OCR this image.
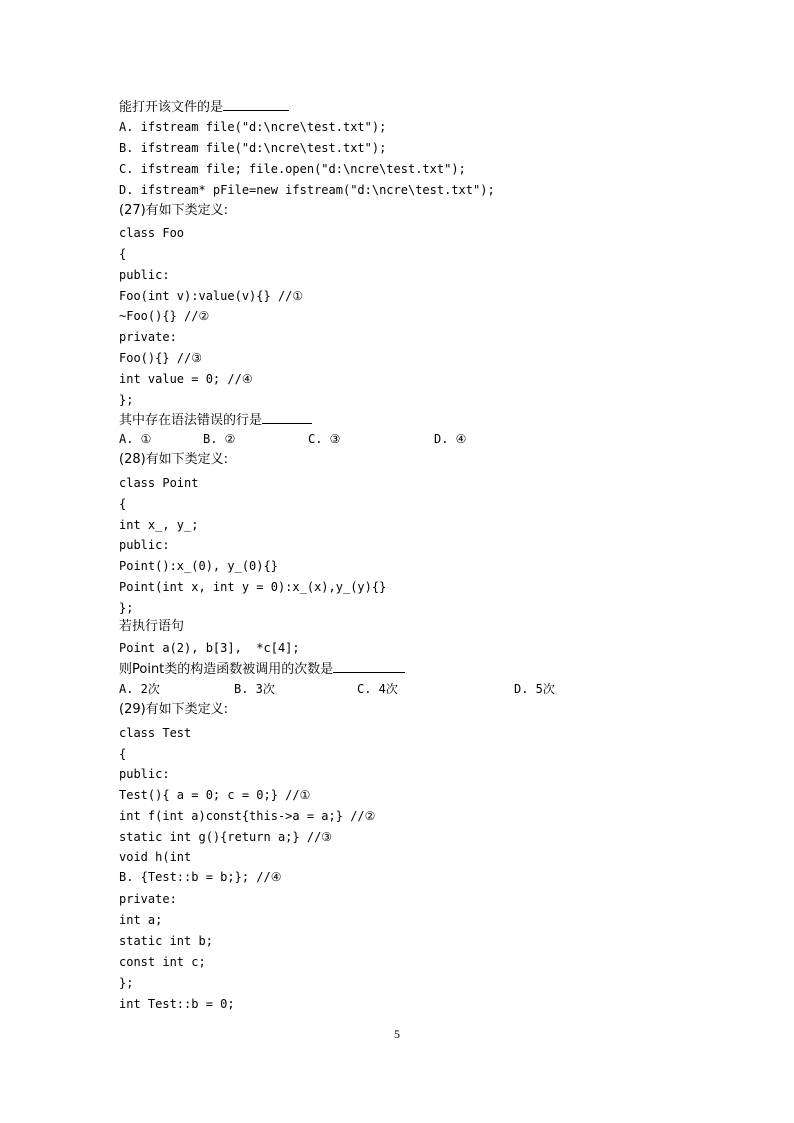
能打开该文件的是
A. ifstream file("d:\ncre\test.txt");
B. ifstream file("d:\ncre\test.txt");
C. ifstream file; file.open("d:\ncre\test.txt");
D. ifstream* pFile=new ifstream("d:\ncre\test.txt");
(27)有如下类定义:
class Foo
{
public:
Foo(int v):value(v){} //①
~Foo(){} //②
private:
Foo(){} //③
int value = 0; //④
};
其中存在语法错误的行是
A. ①	B. ②	C. ③	D. ④
(28)有如下类定义:
class Point
{
int x_, y_;
public:
Point():x_(0), y_(0){}
Point(int x, int y = 0):x_(x),y_(y){}
};
若执行语句
Point a(2), b[3],  *c[4];
则Point类的构造函数被调用的次数是
A. 2次	B. 3次	C. 4次	D. 5次
(29)有如下类定义:
class Test
{
public:
Test(){ a = 0; c = 0;} //①
int f(int a)const{this->a = a;} //②
static int g(){return a;} //③
void h(int
B. {Test::b = b;}; //④
private:
int a;
static int b;
const int c;
};
int Test::b = 0;
5
